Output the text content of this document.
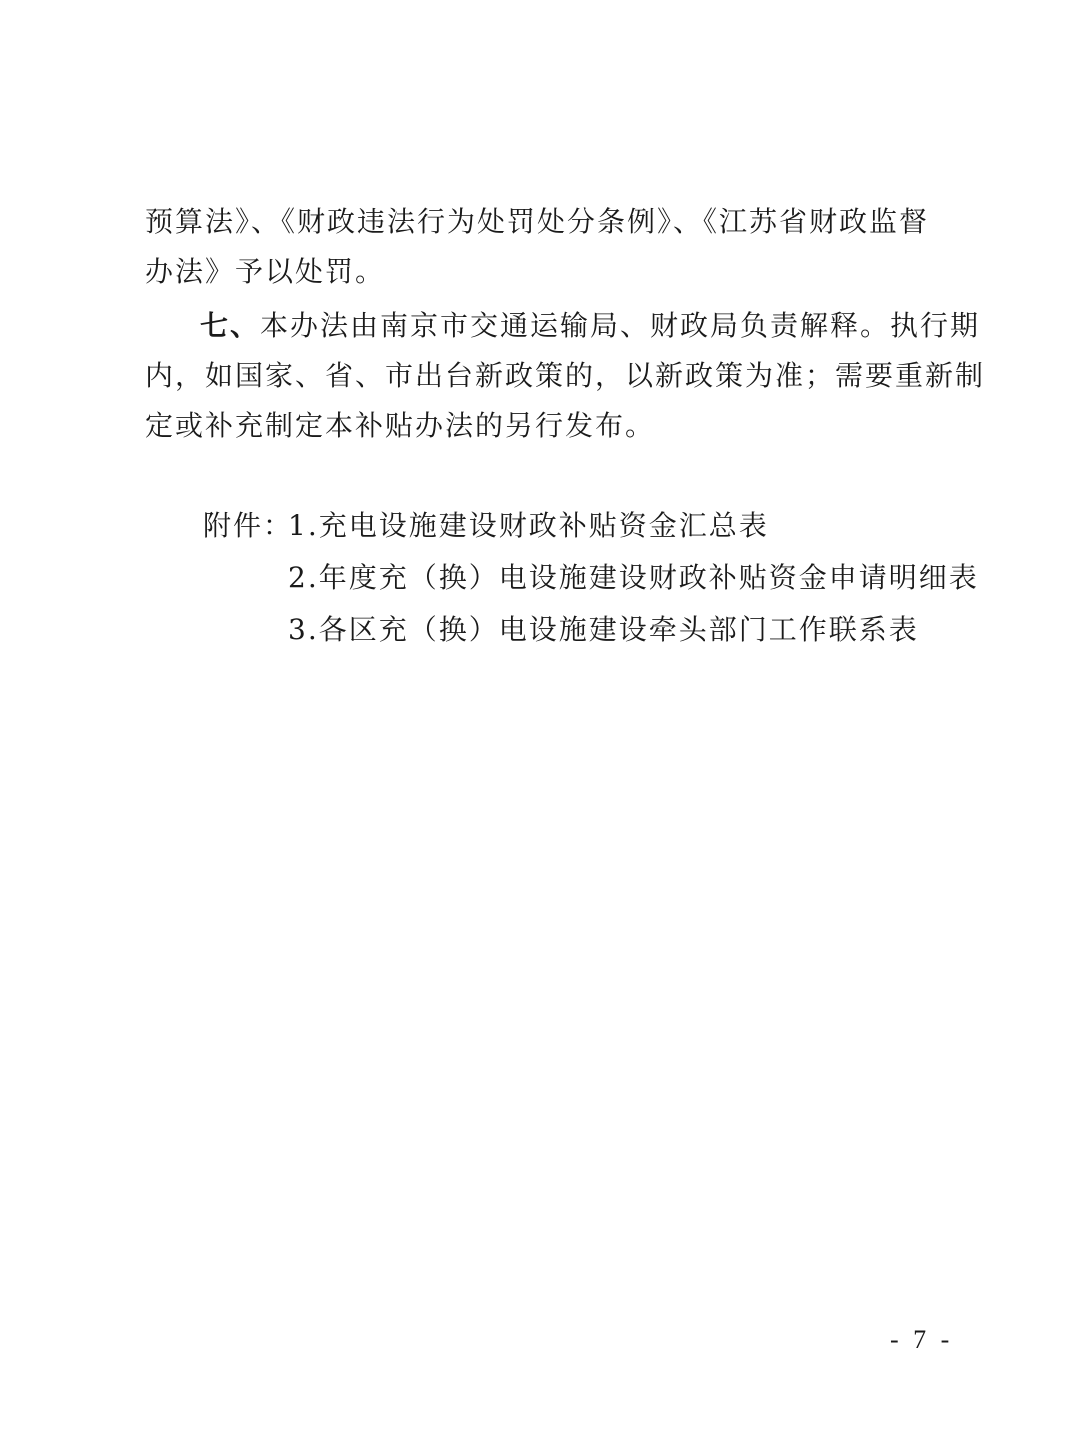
预算法》、《财政违法行为处罚处分条例》、《江苏省财政监督
办法》予以处罚。
七、本办法由南京市交通运输局、财政局负责解释。执行期
内，如国家、省、市出台新政策的，以新政策为准；需要重新制
定或补充制定本补贴办法的另行发布。
附件：
1.充电设施建设财政补贴资金汇总表
2.年度充（换）电设施建设财政补贴资金申请明细表
3.各区充（换）电设施建设牵头部门工作联系表
- 7 -
